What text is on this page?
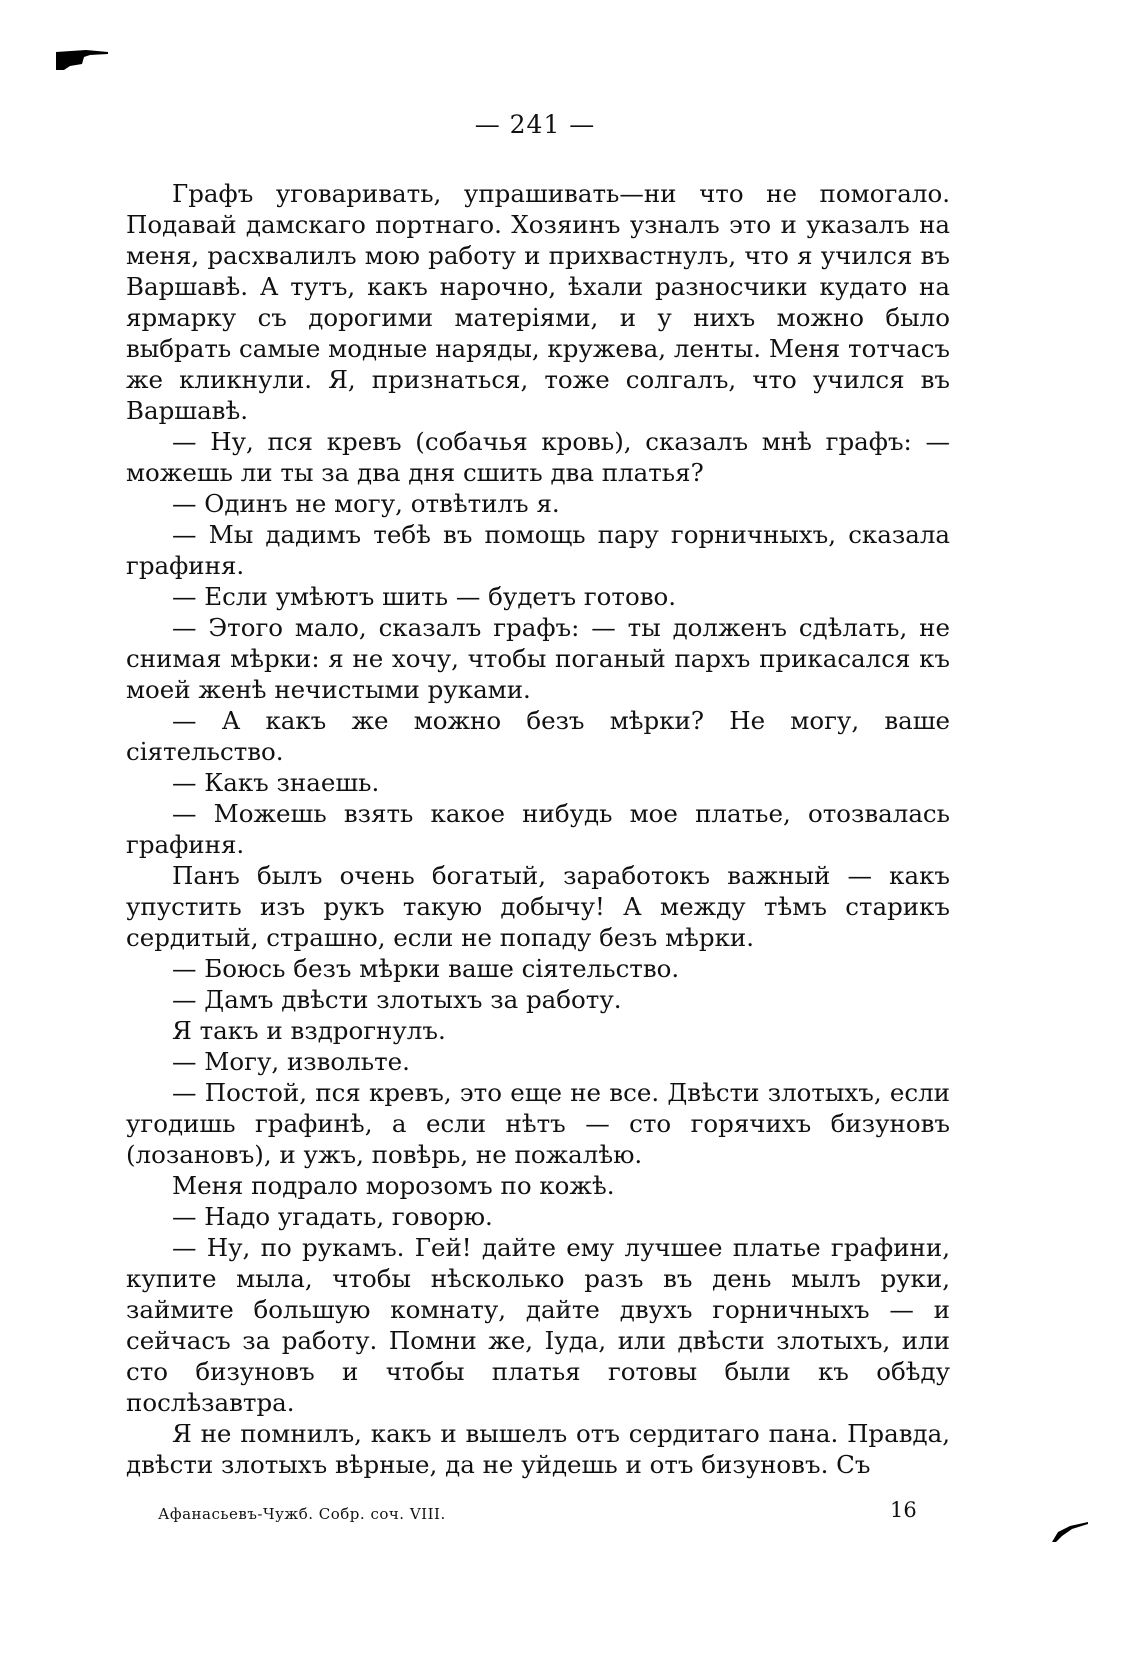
— 241 —

Графъ уговаривать, упрашивать—ни что не помогало. Подавай дамскаго портнаго. Хозяинъ узналъ это и указалъ на меня, расхвалилъ мою работу и прихвастнулъ, что я учился въ Варшавѣ. А тутъ, какъ нарочно, ѣхали разносчики кудато на ярмарку съ дорогими матеріями, и у нихъ можно было выбрать самые модные наряды, кружева, ленты. Меня тотчасъ же кликнули. Я, признаться, тоже солгалъ, что учился въ Варшавѣ.

— Ну, пся кревъ (собачья кровь), сказалъ мнѣ графъ: — можешь ли ты за два дня сшить два платья?

— Одинъ не могу, отвѣтилъ я.

— Мы дадимъ тебѣ въ помощь пару горничныхъ, сказала графиня.

— Если умѣютъ шить — будетъ готово.

— Этого мало, сказалъ графъ: — ты долженъ сдѣлать, не снимая мѣрки: я не хочу, чтобы поганый пархъ прикасался къ моей женѣ нечистыми руками.

— А какъ же можно безъ мѣрки? Не могу, ваше сіятельство.

— Какъ знаешь.

— Можешь взять какое нибудь мое платье, отозвалась графиня.

Панъ былъ очень богатый, заработокъ важный — какъ упустить изъ рукъ такую добычу! А между тѣмъ старикъ сердитый, страшно, если не попаду безъ мѣрки.

— Боюсь безъ мѣрки ваше сіятельство.

— Дамъ двѣсти злотыхъ за работу.

Я такъ и вздрогнулъ.

— Могу, извольте.

— Постой, пся кревъ, это еще не все. Двѣсти злотыхъ, если угодишь графинѣ, а если нѣтъ — сто горячихъ бизуновъ (лозановъ), и ужъ, повѣрь, не пожалѣю.

Меня подрало морозомъ по кожѣ.

— Надо угадать, говорю.

— Ну, по рукамъ. Гей! дайте ему лучшее платье графини, купите мыла, чтобы нѣсколько разъ въ день мылъ руки, займите большую комнату, дайте двухъ горничныхъ — и сейчасъ за работу. Помни же, Іуда, или двѣсти злотыхъ, или сто бизуновъ и чтобы платья готовы были къ обѣду послѣзавтра.

Я не помнилъ, какъ и вышелъ отъ сердитаго пана. Правда, двѣсти злотыхъ вѣрные, да не уйдешь и отъ бизуновъ. Съ

Афанасьевъ-Чужб. Собр. соч. VIII.	16
